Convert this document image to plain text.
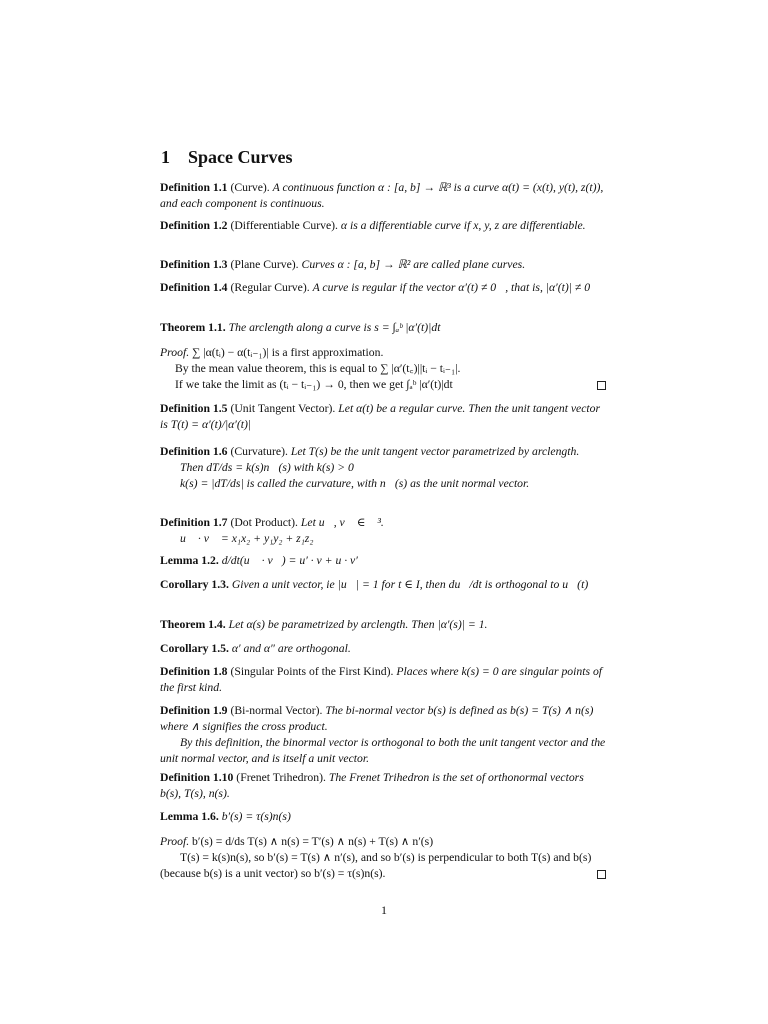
1 Space Curves
Definition 1.1 (Curve). A continuous function α : [a, b] → ℝ³ is a curve α(t) = (x(t), y(t), z(t)), and each component is continuous.
Definition 1.2 (Differentiable Curve). α is a differentiable curve if x, y, z are differentiable.
Definition 1.3 (Plane Curve). Curves α : [a, b] → ℝ² are called plane curves.
Definition 1.4 (Regular Curve). A curve is regular if the vector α′(t) ≠ 0⃗, that is, |α′(t)| ≠ 0
Theorem 1.1. The arclength along a curve is s = ∫ₐᵇ |α′(t)|dt
Proof. ∑ |α(tᵢ) − α(tᵢ₋₁)| is a first approximation.
By the mean value theorem, this is equal to ∑ |α′(t꜀)||tᵢ − tᵢ₋₁|.
If we take the limit as (tᵢ − tᵢ₋₁) → 0, then we get ∫ₐᵇ |α′(t)|dt
Definition 1.5 (Unit Tangent Vector). Let α(t) be a regular curve. Then the unit tangent vector is T(t) = α′(t)/|α′(t)|
Definition 1.6 (Curvature). Let T(s) be the unit tangent vector parametrized by arclength.
Then dT/ds = k(s)n⃗(s) with k(s) > 0
k(s) = |dT/ds| is called the curvature, with n⃗(s) as the unit normal vector.
Definition 1.7 (Dot Product). Let u⃗, v⃗ ∈ ℝ³.
u⃗ · v⃗ = x₁x₂ + y₁y₂ + z₁z₂
Lemma 1.2. d/dt(u⃗ · v⃗) = u′ · v + u · v′
Corollary 1.3. Given a unit vector, ie |u⃗| = 1 for t ∈ I, then du⃗/dt is orthogonal to u⃗(t)
Theorem 1.4. Let α(s) be parametrized by arclength. Then |α′(s)| = 1.
Corollary 1.5. α′ and α″ are orthogonal.
Definition 1.8 (Singular Points of the First Kind). Places where k(s) = 0 are singular points of the first kind.
Definition 1.9 (Bi-normal Vector). The bi-normal vector b(s) is defined as b(s) = T(s) ∧ n(s) where ∧ signifies the cross product.
By this definition, the binormal vector is orthogonal to both the unit tangent vector and the unit normal vector, and is itself a unit vector.
Definition 1.10 (Frenet Trihedron). The Frenet Trihedron is the set of orthonormal vectors b(s), T(s), n(s).
Lemma 1.6. b′(s) = τ(s)n(s)
Proof. b′(s) = d/ds T(s) ∧ n(s) = T′(s) ∧ n(s) + T(s) ∧ n′(s)
T(s) = k(s)n(s), so b′(s) = T(s) ∧ n′(s), and so b′(s) is perpendicular to both T(s) and b(s) (because b(s) is a unit vector) so b′(s) = τ(s)n(s).
1
